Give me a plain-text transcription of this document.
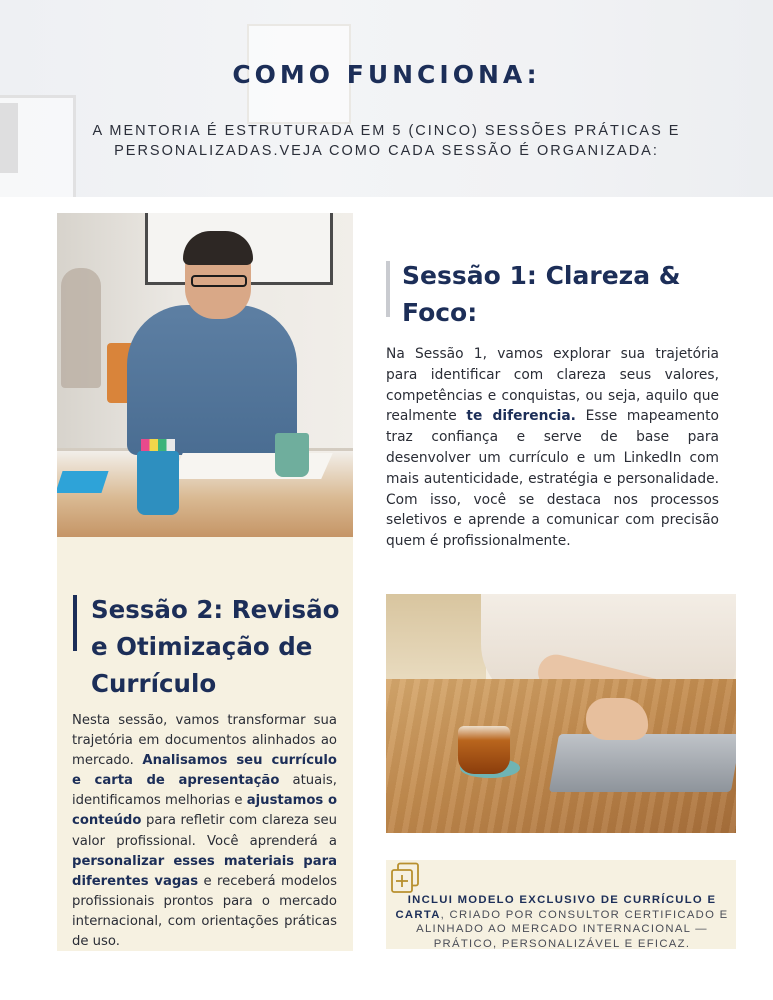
COMO FUNCIONA:

A MENTORIA É ESTRUTURADA EM 5 (CINCO) SESSÕES PRÁTICAS E PERSONALIZADAS.VEJA COMO CADA SESSÃO É ORGANIZADA:

Sessão 1: Clareza & Foco:

Na Sessão 1, vamos explorar sua trajetória para identificar com clareza seus valores, competências e conquistas, ou seja, aquilo que realmente te diferencia. Esse mapeamento traz confiança e serve de base para desenvolver um currículo e um LinkedIn com mais autenticidade, estratégia e personalidade. Com isso, você se destaca nos processos seletivos e aprende a comunicar com precisão quem é profissionalmente.

Sessão 2: Revisão
e Otimização de Currículo

Nesta sessão, vamos transformar sua trajetória em documentos alinhados ao mercado. Analisamos seu currículo e carta de apresentação atuais, identificamos melhorias e ajustamos o conteúdo para refletir com clareza seu valor profissional. Você aprenderá a personalizar esses materiais para diferentes vagas e receberá modelos profissionais prontos para o mercado internacional, com orientações práticas de uso.

INCLUI MODELO EXCLUSIVO DE CURRÍCULO E CARTA, CRIADO POR CONSULTOR CERTIFICADO E ALINHADO AO MERCADO INTERNACIONAL — PRÁTICO, PERSONALIZÁVEL E EFICAZ.
